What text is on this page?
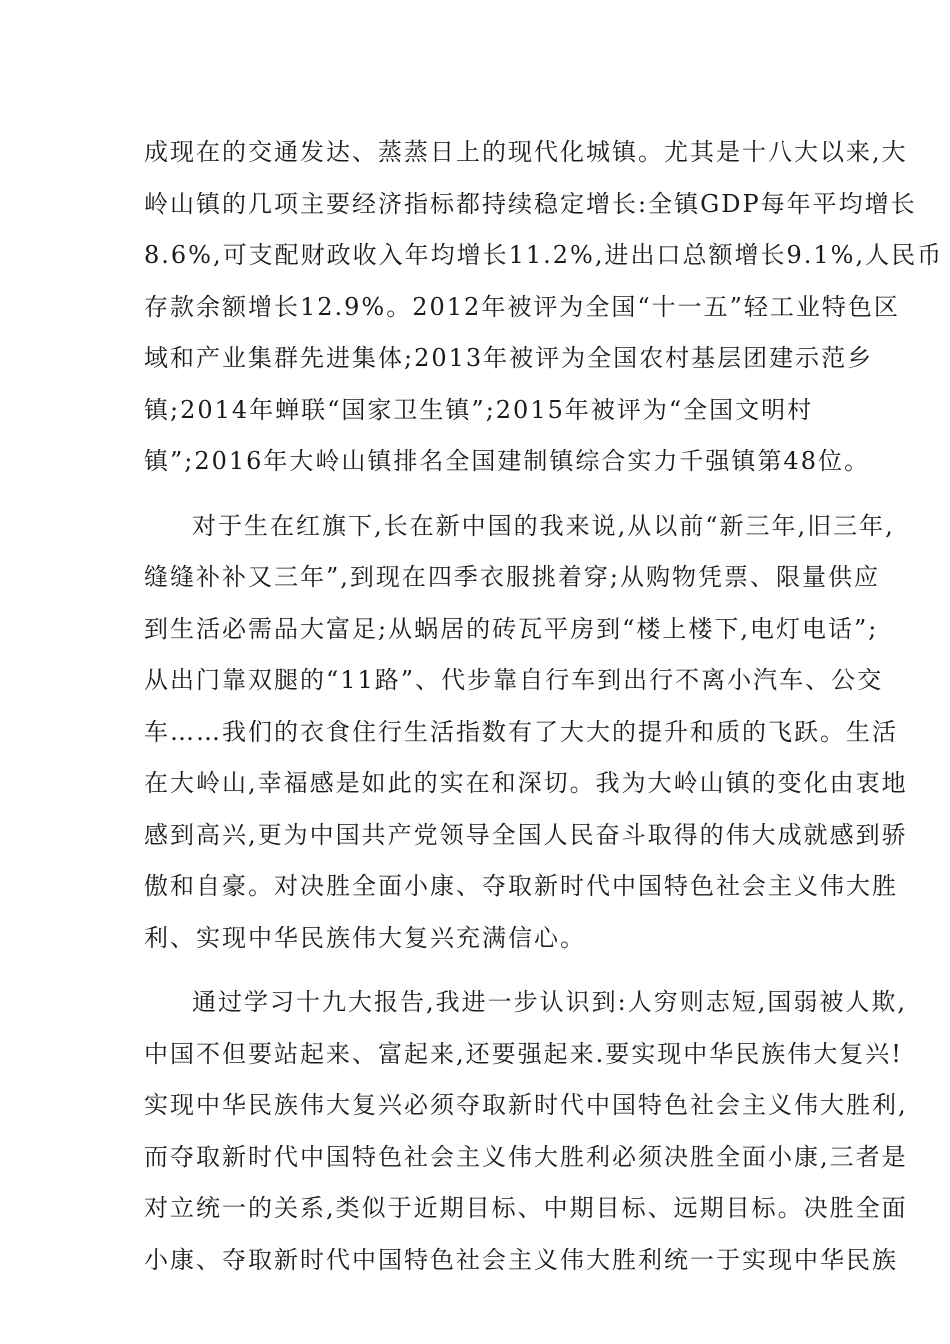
成现在的交通发达、蒸蒸日上的现代化城镇。尤其是十八大以来,大
岭山镇的几项主要经济指标都持续稳定增长:全镇GDP每年平均增长
8.6%,可支配财政收入年均增长11.2%,进出口总额增长9.1%,人民币
存款余额增长12.9%。2012年被评为全国“十一五”轻工业特色区
域和产业集群先进集体;2013年被评为全国农村基层团建示范乡
镇;2014年蝉联“国家卫生镇”;2015年被评为“全国文明村
镇”;2016年大岭山镇排名全国建制镇综合实力千强镇第48位。
对于生在红旗下,长在新中国的我来说,从以前“新三年,旧三年,
缝缝补补又三年”,到现在四季衣服挑着穿;从购物凭票、限量供应
到生活必需品大富足;从蜗居的砖瓦平房到“楼上楼下,电灯电话”;
从出门靠双腿的“11路”、代步靠自行车到出行不离小汽车、公交
车……我们的衣食住行生活指数有了大大的提升和质的飞跃。生活
在大岭山,幸福感是如此的实在和深切。我为大岭山镇的变化由衷地
感到高兴,更为中国共产党领导全国人民奋斗取得的伟大成就感到骄
傲和自豪。对决胜全面小康、夺取新时代中国特色社会主义伟大胜
利、实现中华民族伟大复兴充满信心。
通过学习十九大报告,我进一步认识到:人穷则志短,国弱被人欺,
中国不但要站起来、富起来,还要强起来.要实现中华民族伟大复兴!
实现中华民族伟大复兴必须夺取新时代中国特色社会主义伟大胜利,
而夺取新时代中国特色社会主义伟大胜利必须决胜全面小康,三者是
对立统一的关系,类似于近期目标、中期目标、远期目标。决胜全面
小康、夺取新时代中国特色社会主义伟大胜利统一于实现中华民族
